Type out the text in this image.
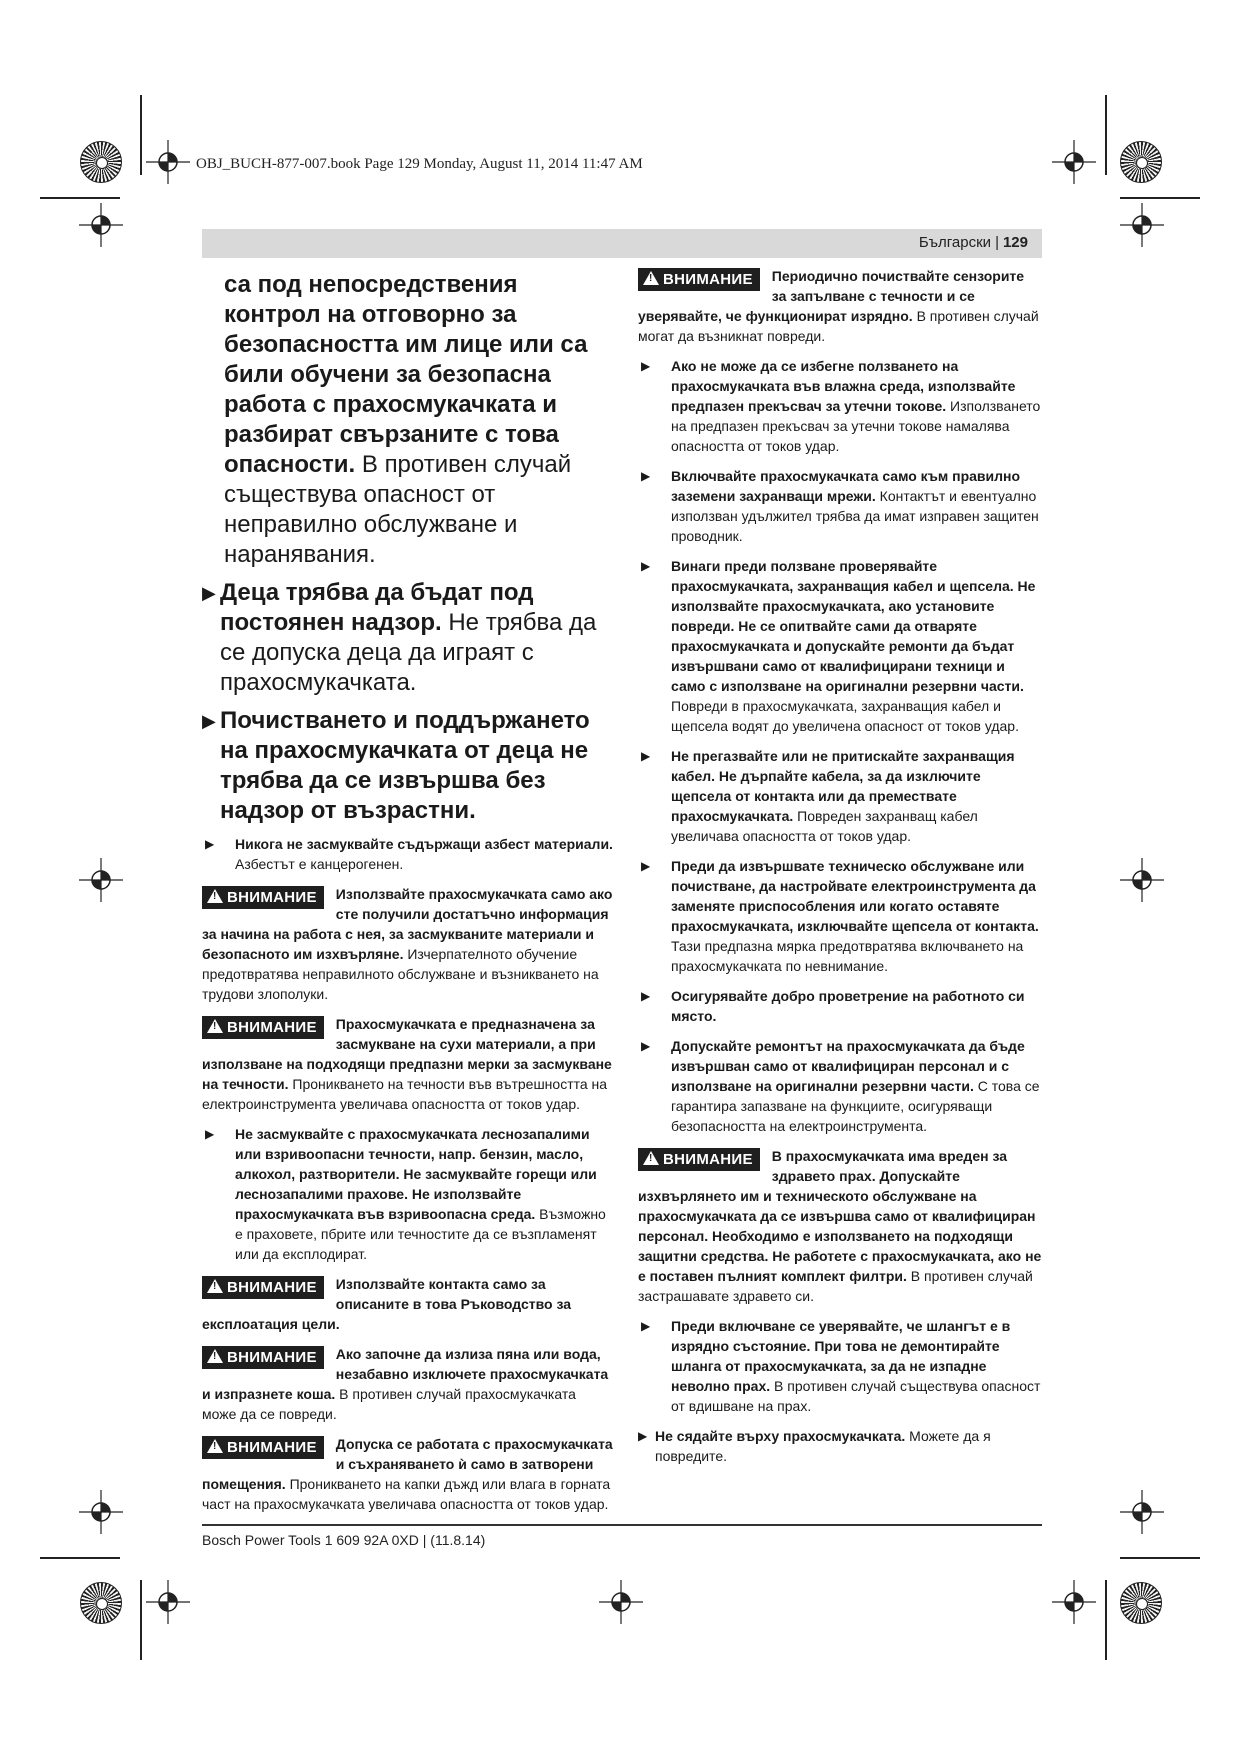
OBJ_BUCH-877-007.book Page 129 Monday, August 11, 2014 11:47 AM
Български | 129

са под непосредствения контрол на отговорно за безопасността им лице или са били обучени за безопасна работа с прахосмукачката и разбират свързаните с това опасности. В противен случай съществува опасност от неправилно обслужване и наранявания.

▶ Деца трябва да бъдат под постоянен надзор. Не трябва да се допуска деца да играят с прахосмукачката.

▶ Почистването и поддържането на прахосмукачката от деца не трябва да се извършва без надзор от възрастни.

▶ Никога не засмуквайте съдържащи азбест материали. Азбестът е канцерогенен.

!ВНИМАНИЕ	Използвайте прахосмукачката само ако сте получили достатъчно информация за начина на работа с нея, за засмукваните материали и безопасното им изхвърляне. Изчерпателното обучение предотвратява неправилното обслужване и възникването на трудови злополуки.
!ВНИМАНИЕ	Прахосмукачката е предназначена за засмукване на сухи материали, а при използване на подходящи предпазни мерки за засмукване на течности. Проникването на течности във вътрешността на електроинструмента увеличава опасността от токов удар.

▶ Не засмуквайте с прахосмукачката леснозапалими или взривоопасни течности, напр. бензин, масло, алкохол, разтворители. Не засмуквайте горещи или леснозапалими прахове. Не използвайте прахосмукачката във взривоопасна среда. Възможно е праховете, пбрите или течностите да се възпламенят или да експлодират.

!ВНИМАНИЕ	Използвайте контакта само за описаните в това Ръководство за експлоатация цели.
!ВНИМАНИЕ	Ако започне да излиза пяна или вода, незабавно изключете прахосмукачката и изпразнете коша. В противен случай прахосмукачката може да се повреди.
!ВНИМАНИЕ	Допуска се работата с прахосмукачката и съхраняването ѝ само в затворени помещения. Проникването на капки дъжд или влага в горната част на прахосмукачката увеличава опасността от токов удар.
!ВНИМАНИЕ	Периодично почиствайте сензорите за запълване с течности и се уверявайте, че функционират изрядно. В противен случай могат да възникнат повреди.

▶ Ако не може да се избегне ползването на прахосмукачката във влажна среда, използвайте предпазен прекъсвач за утечни токове. Използването на предпазен прекъсвач за утечни токове намалява опасността от токов удар.

▶ Включвайте прахосмукачката само към правилно заземени захранващи мрежи. Контактът и евентуално използван удължител трябва да имат изправен защитен проводник.

▶ Винаги преди ползване проверявайте прахосмукачката, захранващия кабел и щепсела. Не използвайте прахосмукачката, ако установите повреди. Не се опитвайте сами да отваряте прахосмукачката и допускайте ремонти да бъдат извършвани само от квалифицирани техници и само с използване на оригинални резервни части. Повреди в прахосмукачката, захранващия кабел и щепсела водят до увеличена опасност от токов удар.

▶ Не прегазвайте или не притискайте захранващия кабел. Не дърпайте кабела, за да изключите щепсела от контакта или да премествате прахосмукачката. Повреден захранващ кабел увеличава опасността от токов удар.

▶ Преди да извършвате техническо обслужване или почистване, да настройвате електроинструмента да заменяте приспособления или когато оставяте прахосмукачката, изключвайте щепсела от контакта. Тази предпазна мярка предотвратява включването на прахосмукачката по невнимание.

▶ Осигурявайте добро проветрение на работното си място.

▶ Допускайте ремонтът на прахосмукачката да бъде извършван само от квалифициран персонал и с използване на оригинални резервни части. С това се гарантира запазване на функциите, осигуряващи безопасността на електроинструмента.

!ВНИМАНИЕ	В прахосмукачката има вреден за здравето прах. Допускайте изхвърлянето им и техническото обслужване на прахосмукачката да се извършва само от квалифициран персонал. Необходимо е използването на подходящи защитни средства. Не работете с прахосмукачката, ако не е поставен пълният комплект филтри. В противен случай застрашавате здравето си.

▶ Преди включване се уверявайте, че шлангът е в изрядно състояние. При това не демонтирайте шланга от прахосмукачката, за да не изпадне неволно прах. В противен случай съществува опасност от вдишване на прах.

▶ Не сядайте върху прахосмукачката. Можете да я повредите.

Bosch Power Tools 1 609 92A 0XD | (11.8.14)
